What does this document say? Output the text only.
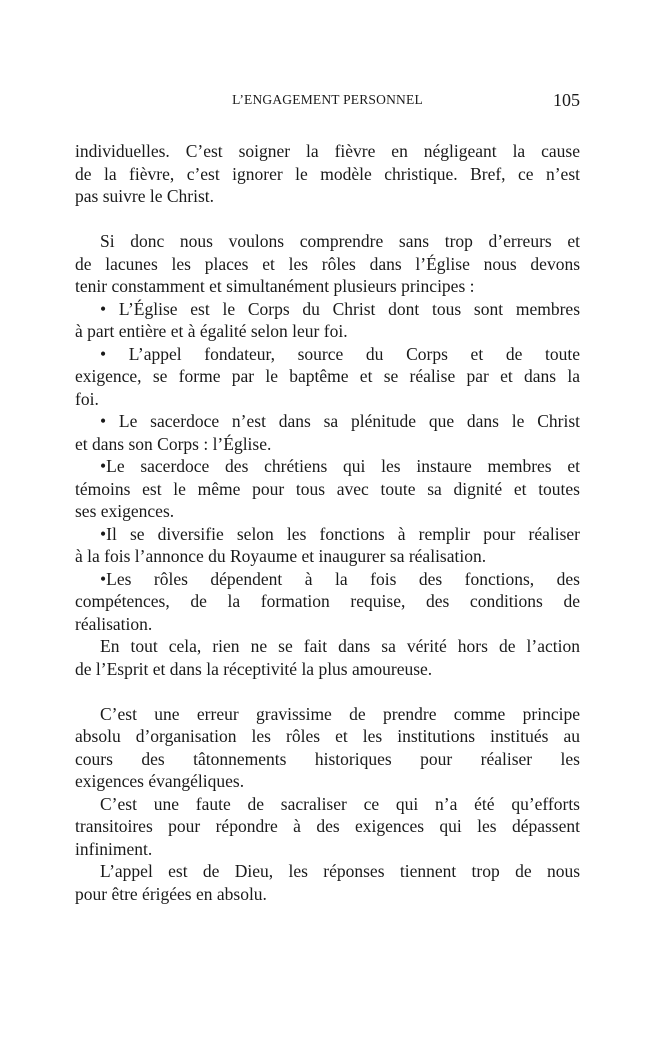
L’ENGAGEMENT PERSONNEL	105
individuelles. C’est soigner la fièvre en négligeant la cause
de la fièvre, c’est ignorer le modèle christique. Bref, ce n’est
pas suivre le Christ.
Si donc nous voulons comprendre sans trop d’erreurs et
de lacunes les places et les rôles dans l’Église nous devons
tenir constamment et simultanément plusieurs principes :
• L’Église est le Corps du Christ dont tous sont membres
à part entière et à égalité selon leur foi.
• L’appel fondateur, source du Corps et de toute
exigence, se forme par le baptême et se réalise par et dans la
foi.
• Le sacerdoce n’est dans sa plénitude que dans le Christ
et dans son Corps : l’Église.
•Le sacerdoce des chrétiens qui les instaure membres et
témoins est le même pour tous avec toute sa dignité et toutes
ses exigences.
•Il se diversifie selon les fonctions à remplir pour réaliser
à la fois l’annonce du Royaume et inaugurer sa réalisation.
•Les rôles dépendent à la fois des fonctions, des
compétences, de la formation requise, des conditions de
réalisation.
En tout cela, rien ne se fait dans sa vérité hors de l’action
de l’Esprit et dans la réceptivité la plus amoureuse.
C’est une erreur gravissime de prendre comme principe
absolu d’organisation les rôles et les institutions institués au
cours des tâtonnements historiques pour réaliser les
exigences évangéliques.
C’est une faute de sacraliser ce qui n’a été qu’efforts
transitoires pour répondre à des exigences qui les dépassent
infiniment.
L’appel est de Dieu, les réponses tiennent trop de nous
pour être érigées en absolu.
